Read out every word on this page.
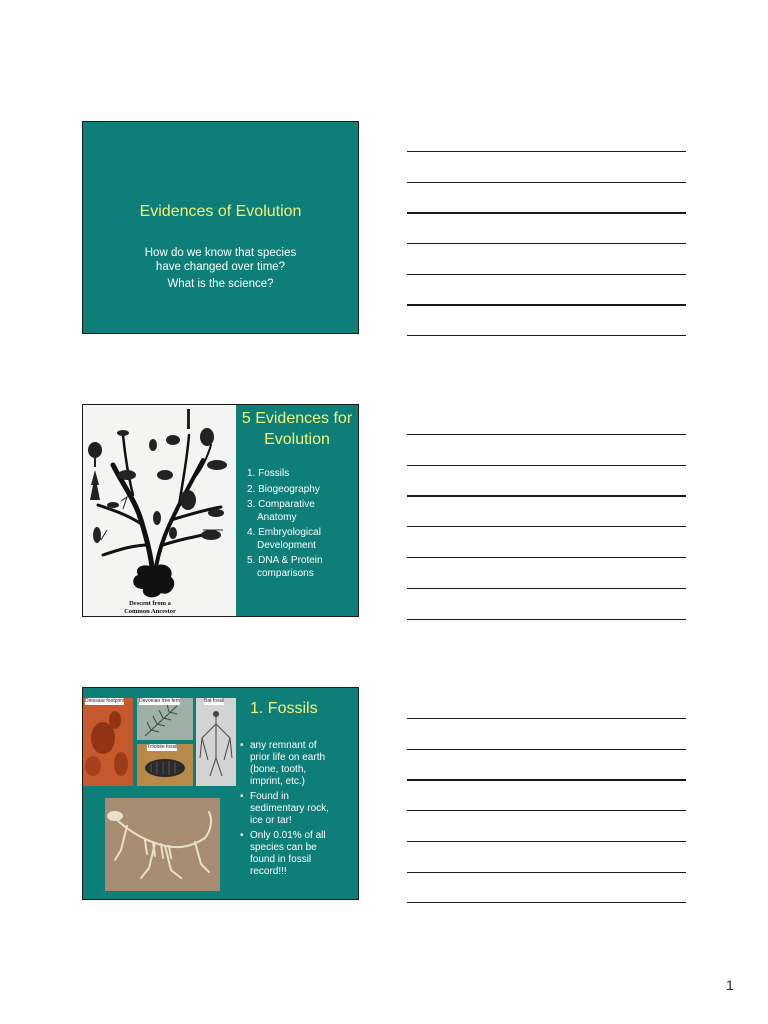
Evidences of Evolution
How do we know that species
have changed over time?
What is the science?
Descent from a
Common Ancestor
5 Evidences for
Evolution
1. Fossils
2. Biogeography
3. Comparative
Anatomy
4. Embryological
Development
5. DNA & Protein
comparisons
Dinosaur footprint	Devonian tree fern
Trilobite fossil
Bat fossil 1. Fossils
• any remnant of
prior life on earth
(bone, tooth,
imprint, etc.)
• Found in
sedimentary rock,
ice or tar!
• Only 0.01% of all
species can be
found in fossil
record!!!
1
